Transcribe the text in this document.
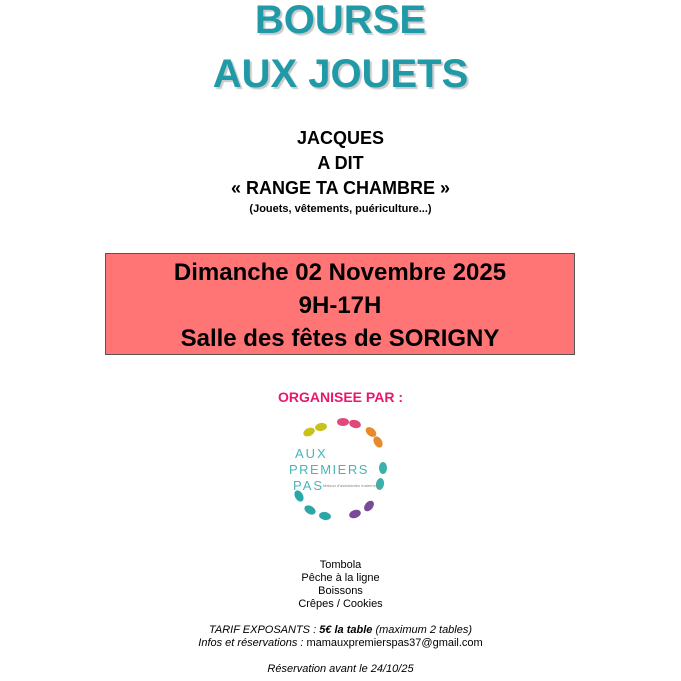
BOURSE
AUX JOUETS
JACQUES
A DIT
« RANGE TA CHAMBRE »
(Jouets, vêtements, puériculture...)
Dimanche 02 Novembre 2025
9H-17H
Salle des fêtes de SORIGNY
ORGANISEE PAR :
AUX
PREMIERS
PAS
Maison d'assistantes maternelles
Tombola
Pêche à la ligne
Boissons
Crêpes / Cookies
TARIF EXPOSANTS : 5€ la table (maximum 2 tables)
Infos et réservations : mamauxpremierspas37@gmail.com
Réservation avant le 24/10/25
